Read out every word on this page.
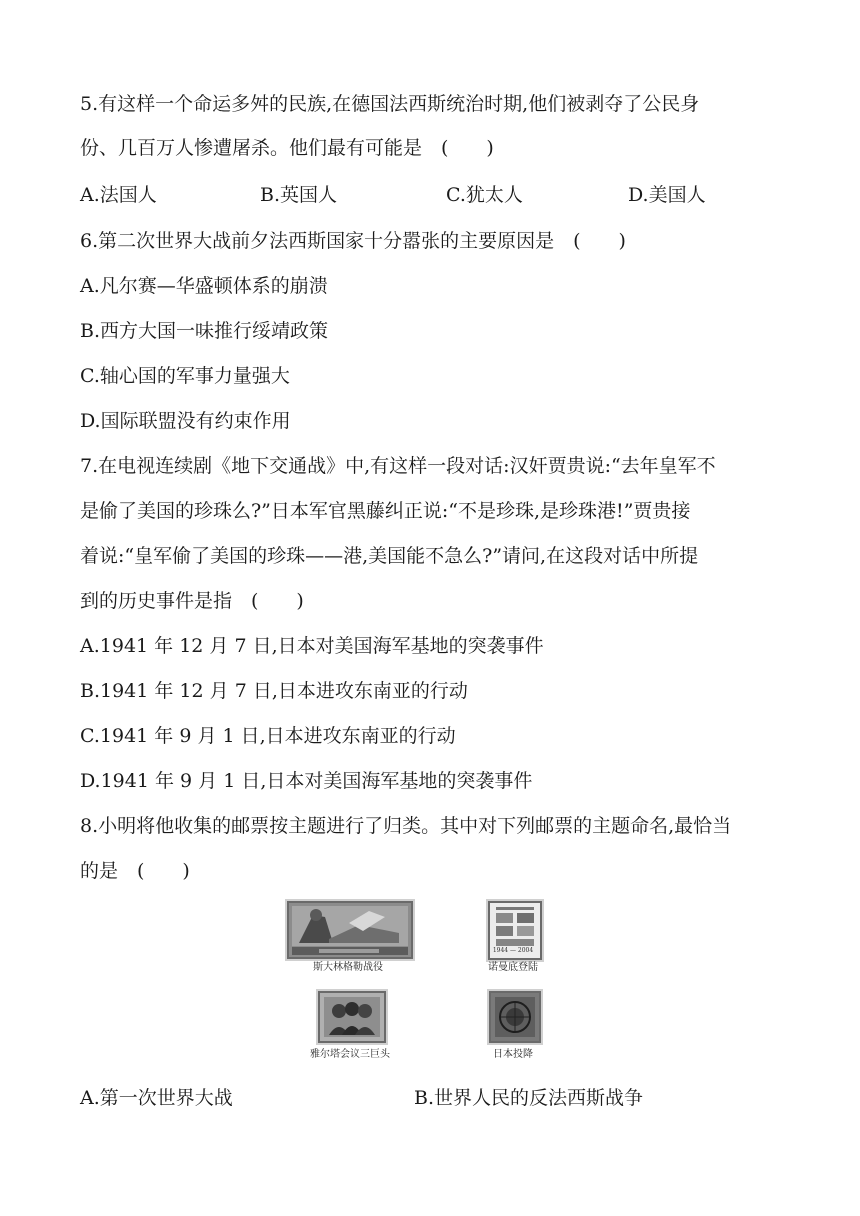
5.有这样一个命运多舛的民族,在德国法西斯统治时期,他们被剥夺了公民身
份、几百万人惨遭屠杀。他们最有可能是　(　　)
A.法国人	B.英国人	C.犹太人	D.美国人
6.第二次世界大战前夕法西斯国家十分嚣张的主要原因是　(　　)
A.凡尔赛—华盛顿体系的崩溃
B.西方大国一味推行绥靖政策
C.轴心国的军事力量强大
D.国际联盟没有约束作用
7.在电视连续剧《地下交通战》中,有这样一段对话:汉奸贾贵说:“去年皇军不
是偷了美国的珍珠么?”日本军官黑藤纠正说:“不是珍珠,是珍珠港!”贾贵接
着说:“皇军偷了美国的珍珠——港,美国能不急么?”请问,在这段对话中所提
到的历史事件是指　(　　)
A.1941 年 12 月 7 日,日本对美国海军基地的突袭事件
B.1941 年 12 月 7 日,日本进攻东南亚的行动
C.1941 年 9 月 1 日,日本进攻东南亚的行动
D.1941 年 9 月 1 日,日本对美国海军基地的突袭事件
8.小明将他收集的邮票按主题进行了归类。其中对下列邮票的主题命名,最恰当
的是　(　　)
斯大林格勒战役
1944 — 2004
诺曼底登陆
雅尔塔会议三巨头	日本投降
A.第一次世界大战	B.世界人民的反法西斯战争
